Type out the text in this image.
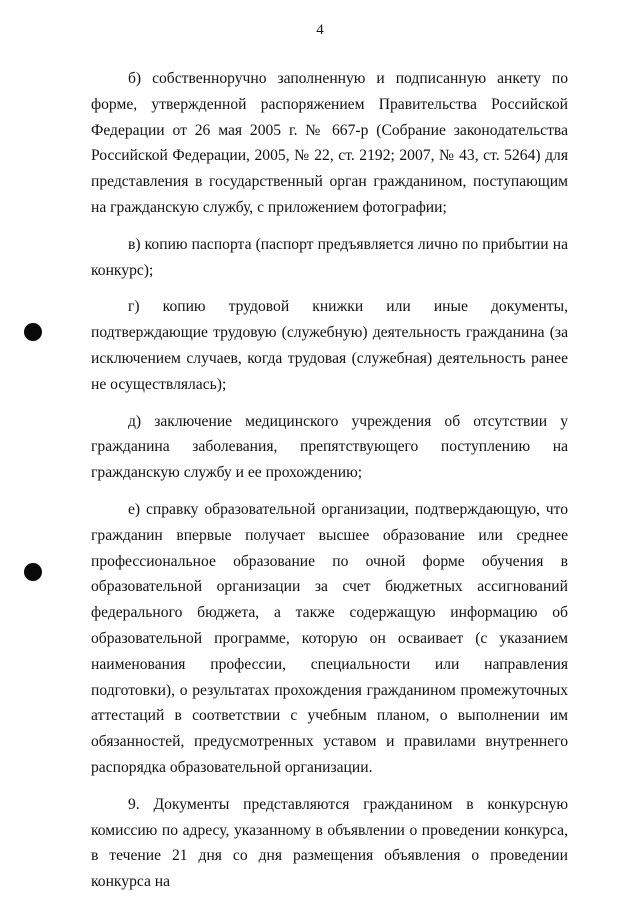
4

б) собственноручно заполненную и подписанную анкету по форме, утвержденной распоряжением Правительства Российской Федерации от 26 мая 2005 г. № 667-р (Собрание законодательства Российской Федерации, 2005, № 22, ст. 2192; 2007, № 43, ст. 5264) для представления в государственный орган гражданином, поступающим на гражданскую службу, с приложением фотографии;

в) копию паспорта (паспорт предъявляется лично по прибытии на конкурс);

г) копию трудовой книжки или иные документы, подтверждающие трудовую (служебную) деятельность гражданина (за исключением случаев, когда трудовая (служебная) деятельность ранее не осуществлялась);

д) заключение медицинского учреждения об отсутствии у гражданина заболевания, препятствующего поступлению на гражданскую службу и ее прохождению;

е) справку образовательной организации, подтверждающую, что гражданин впервые получает высшее образование или среднее профессиональное образование по очной форме обучения в образовательной организации за счет бюджетных ассигнований федерального бюджета, а также содержащую информацию об образовательной программе, которую он осваивает (с указанием наименования профессии, специальности или направления подготовки), о результатах прохождения гражданином промежуточных аттестаций в соответствии с учебным планом, о выполнении им обязанностей, предусмотренных уставом и правилами внутреннего распорядка образовательной организации.

9. Документы представляются гражданином в конкурсную комиссию по адресу, указанному в объявлении о проведении конкурса, в течение 21 дня со дня размещения объявления о проведении конкурса на
